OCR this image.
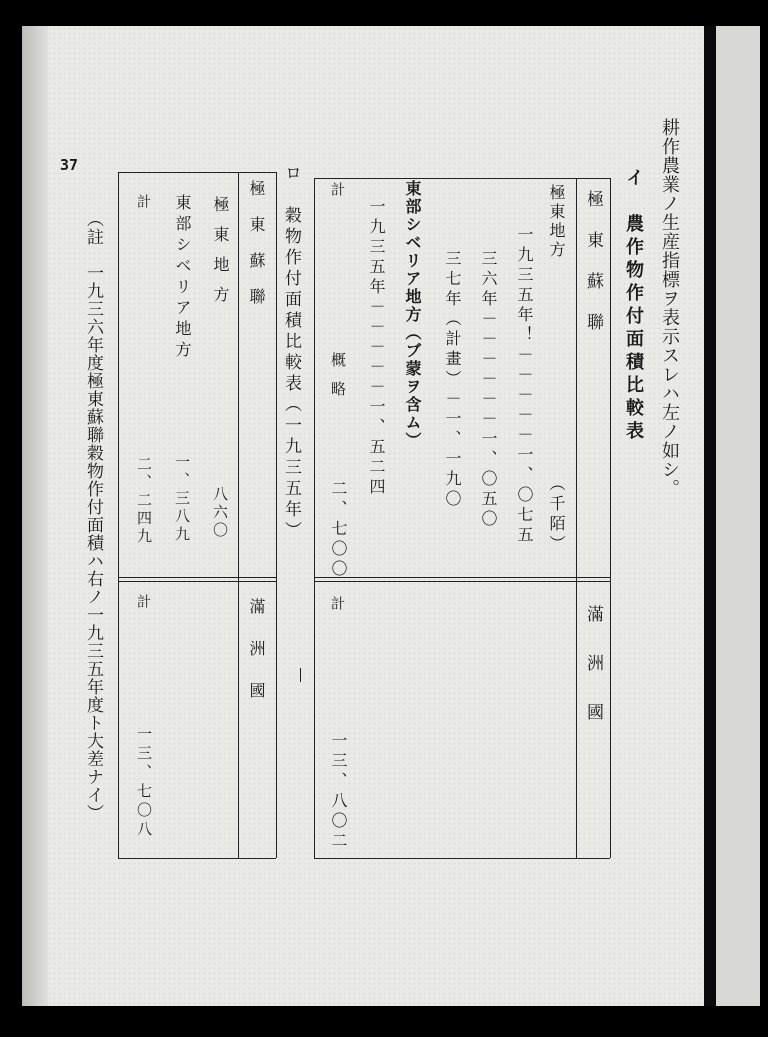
37	耕作農業ノ生産指標ヲ表示スレハ左ノ如シ。
イ　農作物作付面積比較表
極東蘇聯
滿洲國
（千陌）
極東地方
一九三五年！－－－－－一、〇七五
三六年－－－－－－一、〇五〇
三七年（計畫）－一、一九〇
東部シベリア地方（ブ蒙ヲ含ム）
一九三五年－－－－－一、五二四
計
概略
二、七〇〇
計
一三、八〇二
ロ　穀物作付面積比較表（一九三五年）
極東蘇聯
滿洲國
極東地方
八六〇
東部シベリア地方
一、三八九
計
二、二四九
計
一三、七〇八
（註　一九三六年度極東蘇聯穀物作付面積ハ右ノ一九三五年度ト大差ナイ）
